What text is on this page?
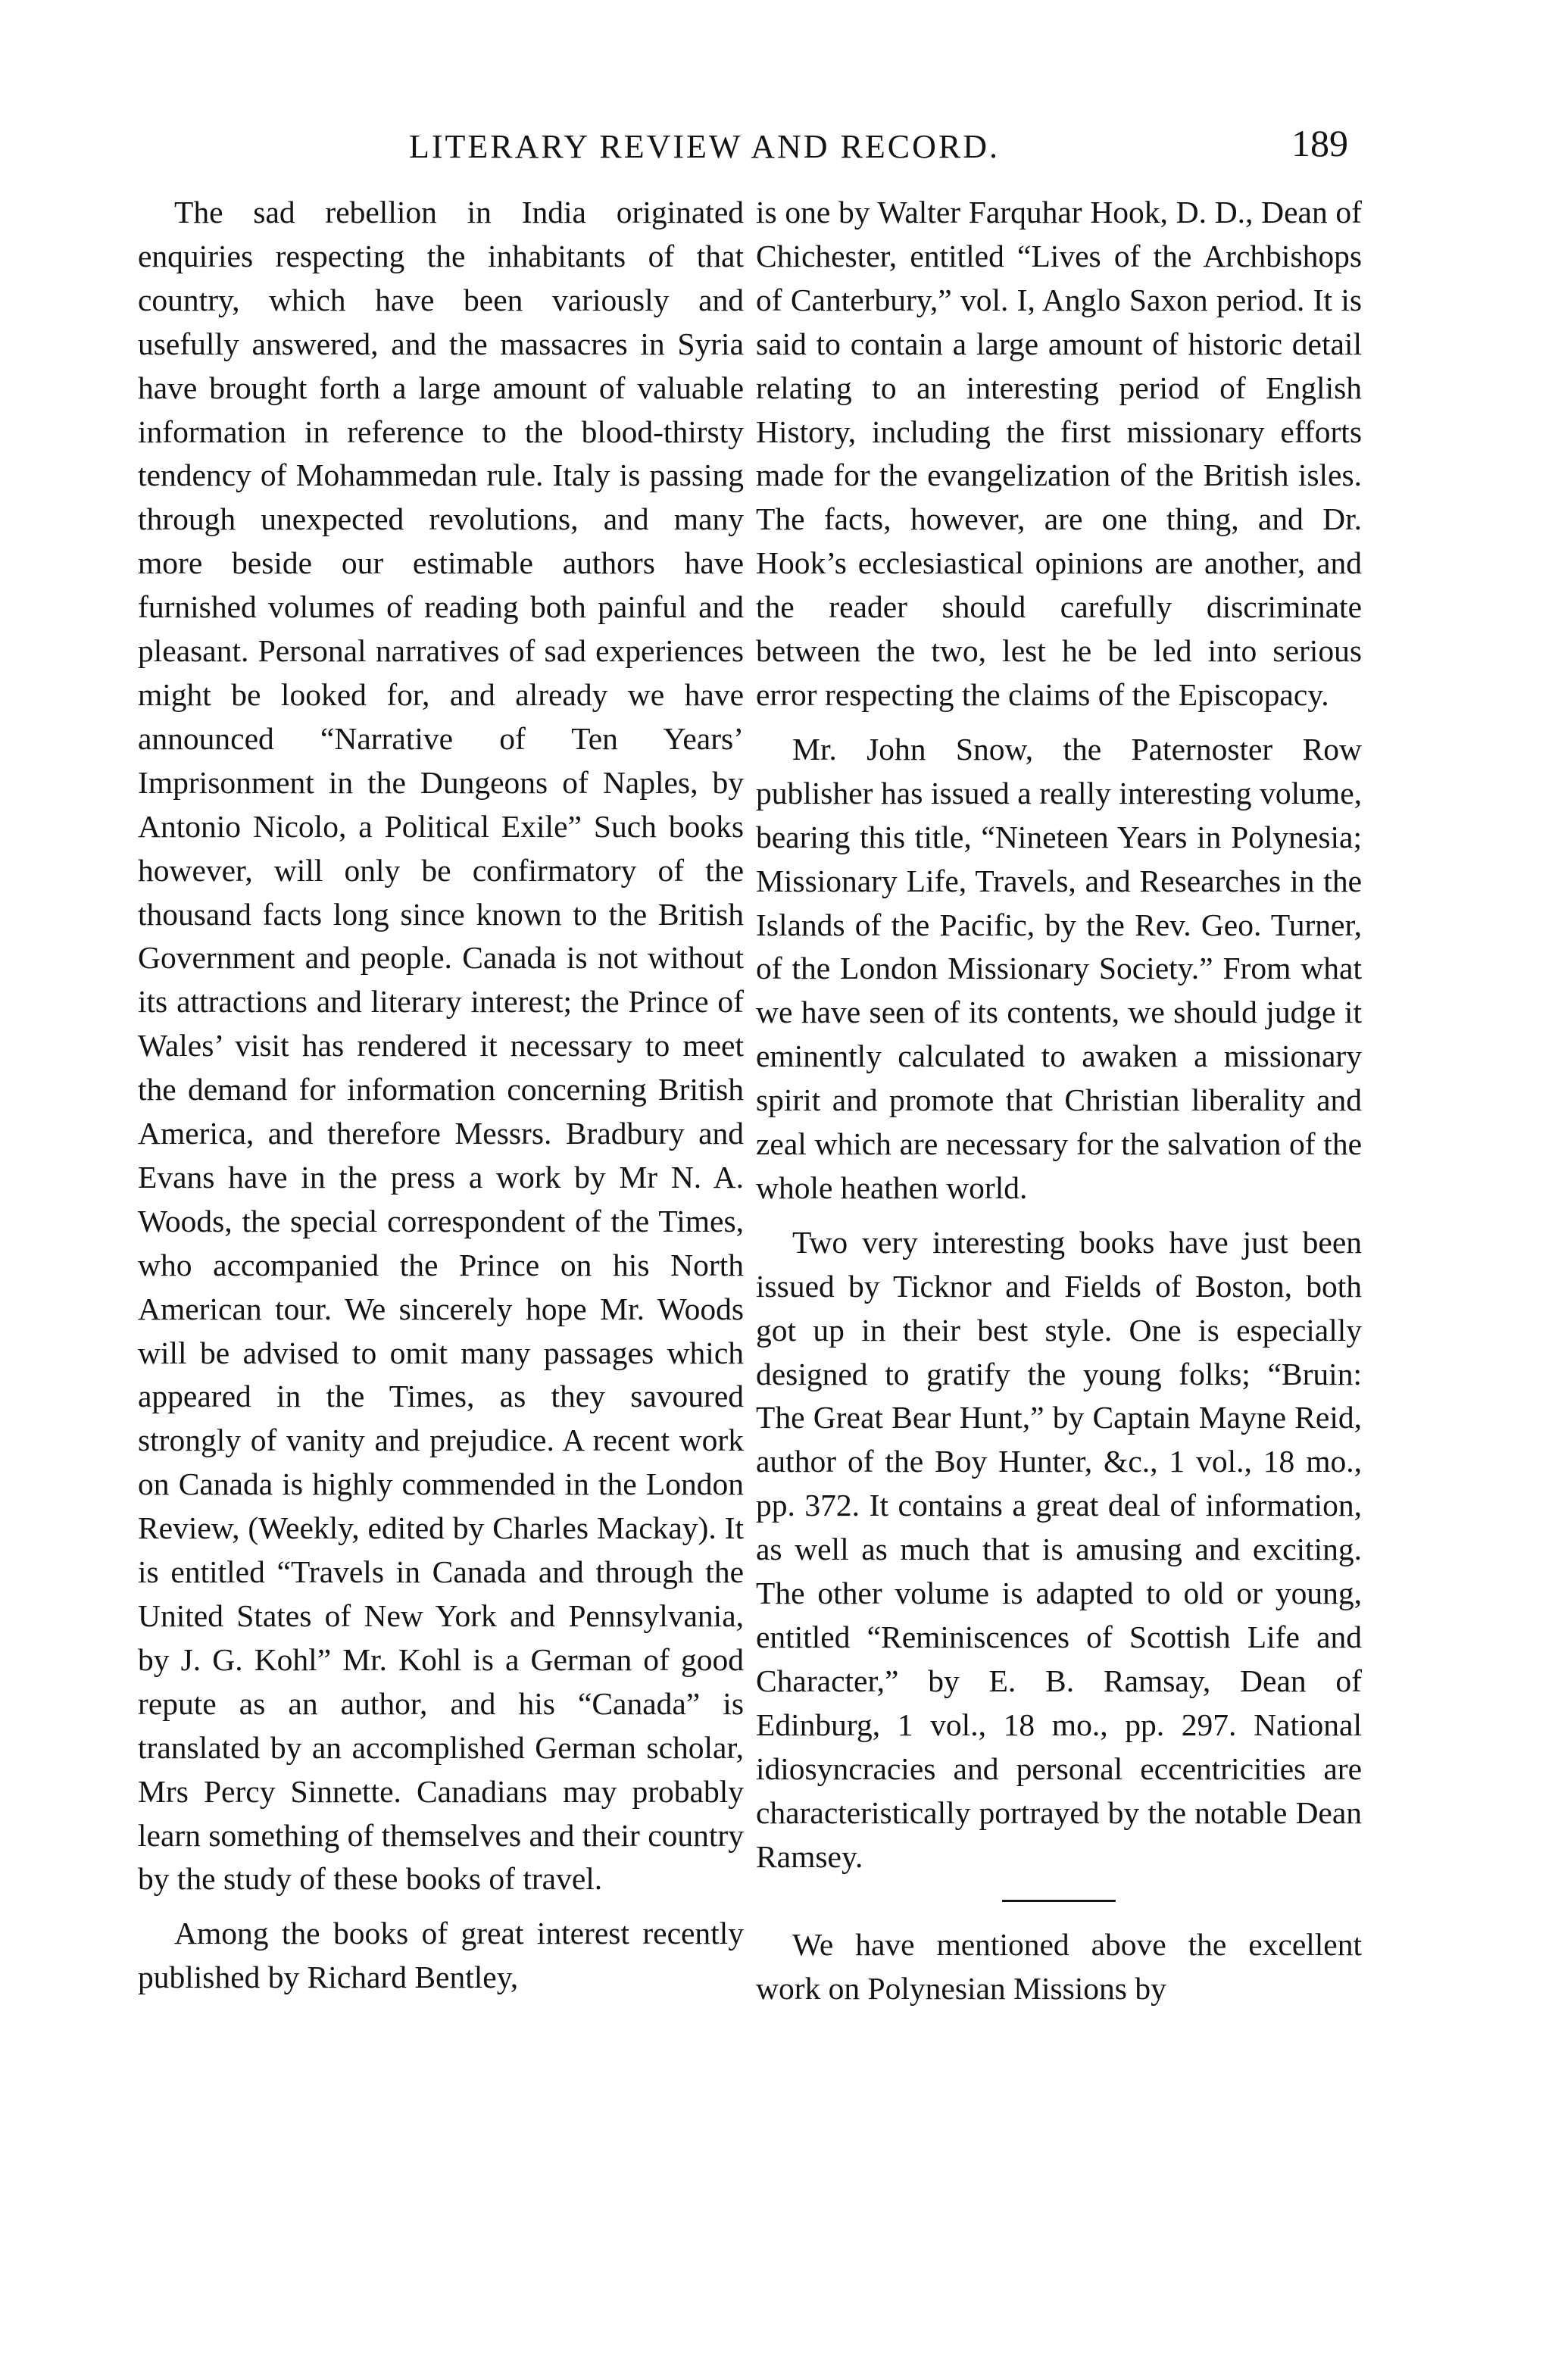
LITERARY REVIEW AND RECORD.	189

The sad rebellion in India originated enquiries respecting the inhabitants of that country, which have been variously and usefully answered, and the massacres in Syria have brought forth a large amount of valuable information in reference to the blood-thirsty tendency of Mohammedan rule. Italy is passing through unexpected revolutions, and many more beside our estimable authors have furnished volumes of reading both painful and pleasant. Personal narratives of sad experiences might be looked for, and already we have announced “Narrative of Ten Years’ Imprisonment in the Dungeons of Naples, by Antonio Nicolo, a Political Exile” Such books however, will only be confirmatory of the thousand facts long since known to the British Government and people. Canada is not without its attractions and literary interest; the Prince of Wales’ visit has rendered it necessary to meet the demand for information concerning British America, and therefore Messrs. Bradbury and Evans have in the press a work by Mr N. A. Woods, the special correspondent of the Times, who accompanied the Prince on his North American tour. We sincerely hope Mr. Woods will be advised to omit many passages which appeared in the Times, as they savoured strongly of vanity and prejudice. A recent work on Canada is highly commended in the London Review, (Weekly, edited by Charles Mackay). It is entitled “Travels in Canada and through the United States of New York and Pennsylvania, by J. G. Kohl” Mr. Kohl is a German of good repute as an author, and his “Canada” is translated by an accomplished German scholar, Mrs Percy Sinnette. Canadians may probably learn something of themselves and their country by the study of these books of travel.

Among the books of great interest recently published by Richard Bentley,

is one by Walter Farquhar Hook, D. D., Dean of Chichester, entitled “Lives of the Archbishops of Canterbury,” vol. I, Anglo Saxon period. It is said to contain a large amount of historic detail relating to an interesting period of English History, including the first missionary efforts made for the evangelization of the British isles. The facts, however, are one thing, and Dr. Hook’s ecclesiastical opinions are another, and the reader should carefully discriminate between the two, lest he be led into serious error respecting the claims of the Episcopacy.

Mr. John Snow, the Paternoster Row publisher has issued a really interesting volume, bearing this title, “Nineteen Years in Polynesia; Missionary Life, Travels, and Researches in the Islands of the Pacific, by the Rev. Geo. Turner, of the London Missionary Society.” From what we have seen of its contents, we should judge it eminently calculated to awaken a missionary spirit and promote that Christian liberality and zeal which are necessary for the salvation of the whole heathen world.

Two very interesting books have just been issued by Ticknor and Fields of Boston, both got up in their best style. One is especially designed to gratify the young folks; “Bruin: The Great Bear Hunt,” by Captain Mayne Reid, author of the Boy Hunter, &c., 1 vol., 18 mo., pp. 372. It contains a great deal of information, as well as much that is amusing and exciting. The other volume is adapted to old or young, entitled “Reminiscences of Scottish Life and Character,” by E. B. Ramsay, Dean of Edinburg, 1 vol., 18 mo., pp. 297. National idiosyncracies and personal eccentricities are characteristically portrayed by the notable Dean Ramsey.

We have mentioned above the excellent work on Polynesian Missions by
